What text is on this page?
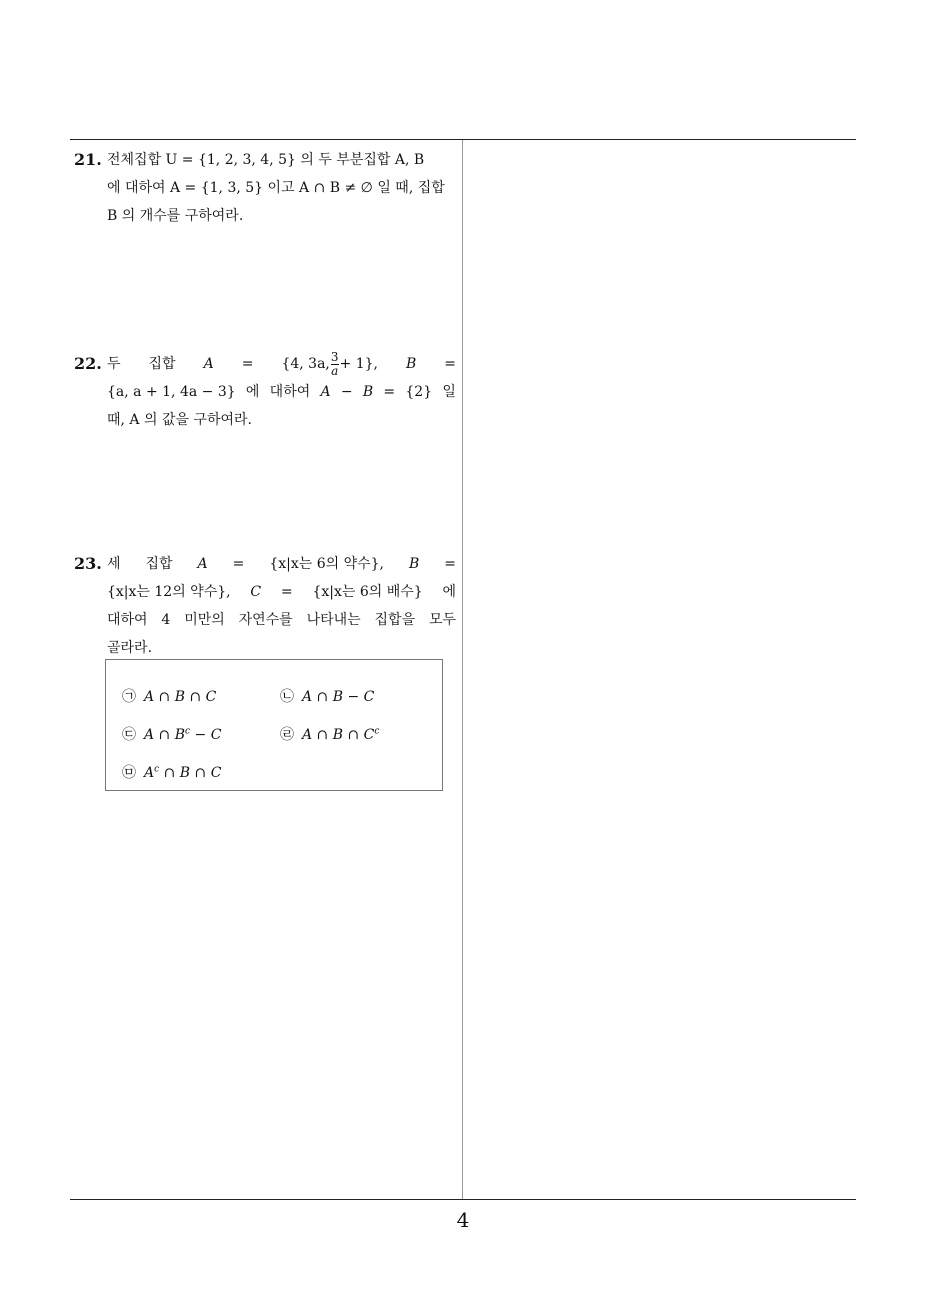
21. 전체집합 U = {1, 2, 3, 4, 5} 의 두 부분집합 A, B
에 대하여 A = {1, 3, 5} 이고 A ∩ B ≠ ∅ 일 때, 집합
B 의 개수를 구하여라.
22. 두 집합 A = {4, 3a, $\frac{3}{a} + 1$}, B =
{a, a + 1, 4a − 3} 에 대하여 A − B = {2} 일
때, A 의 값을 구하여라.
23. 세 집합 A = {x|x는 6의 약수}, B =
{x|x는 12의 약수}, C = {x|x는 6의 배수} 에
대하여 4 미만의 자연수를 나타내는 집합을 모두
골라라.
㉠ A ∩ B ∩ C	㉡ A ∩ B − C
㉢ A ∩ $B^c - C$	㉣ A ∩ B ∩ $C^c$
㉤ $A^c$ ∩ B ∩ C
4
